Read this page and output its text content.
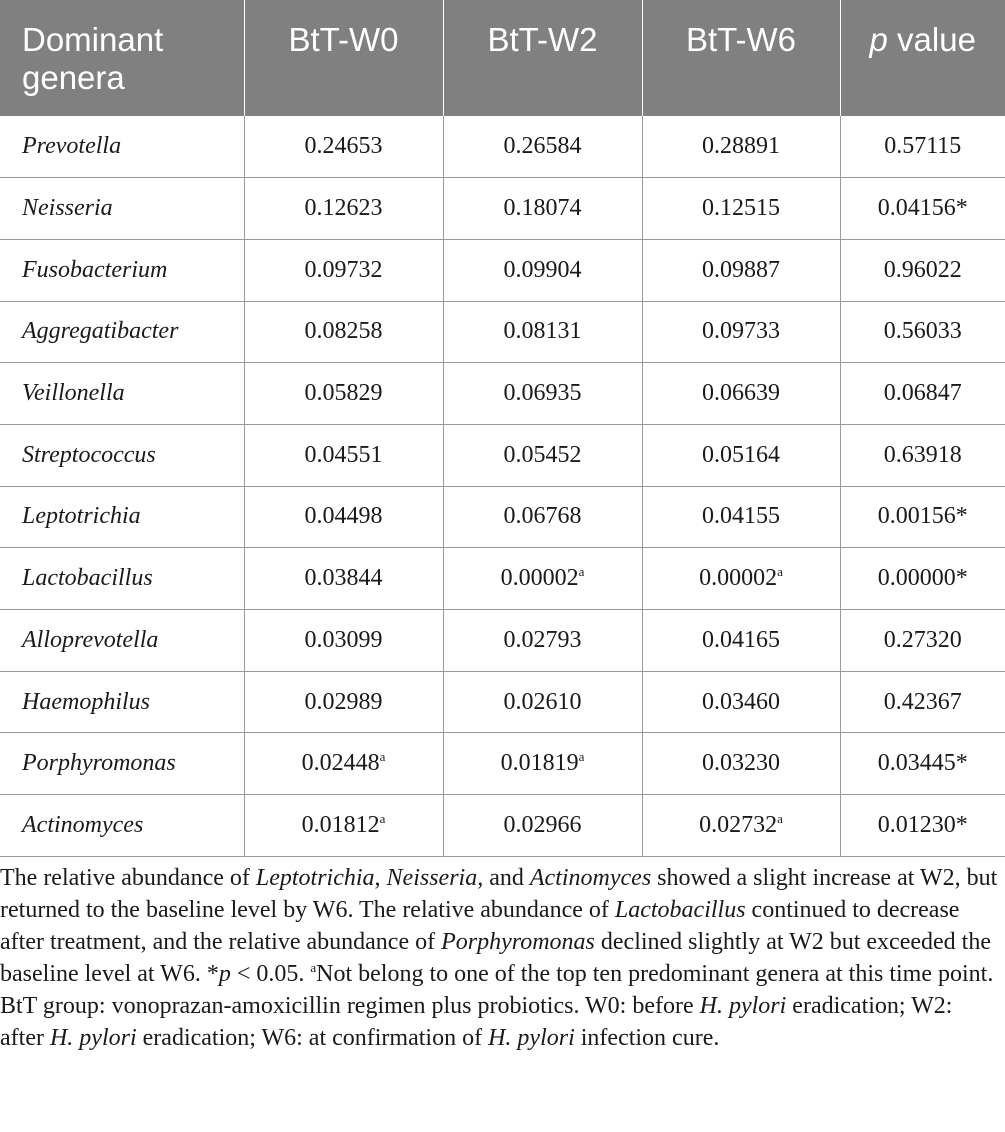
Dominant
genera	BtT-W0	BtT-W2	BtT-W6	p value
Prevotella	0.24653	0.26584	0.28891	0.57115
Neisseria	0.12623	0.18074	0.12515	0.04156*
Fusobacterium	0.09732	0.09904	0.09887	0.96022
Aggregatibacter	0.08258	0.08131	0.09733	0.56033
Veillonella	0.05829	0.06935	0.06639	0.06847
Streptococcus	0.04551	0.05452	0.05164	0.63918
Leptotrichia	0.04498	0.06768	0.04155	0.00156*
Lactobacillus	0.03844	0.00002$^a$	0.00002$^a$	0.00000*
Alloprevotella	0.03099	0.02793	0.04165	0.27320
Haemophilus	0.02989	0.02610	0.03460	0.42367
Porphyromonas	0.02448$^a$	0.01819$^a$	0.03230	0.03445*
Actinomyces	0.01812$^a$	0.02966	0.02732$^a$	0.01230*

The relative abundance of Leptotrichia, Neisseria, and Actinomyces showed a slight increase at W2, but returned to the baseline level by W6. The relative abundance of Lactobacillus continued to decrease after treatment, and the relative abundance of Porphyromonas declined slightly at W2 but exceeded the baseline level at W6. *p < 0.05. $^a$Not belong to one of the top ten predominant genera at this time point. BtT group: vonoprazan-amoxicillin regimen plus probiotics. W0: before H. pylori eradication; W2: after H. pylori eradication; W6: at confirmation of H. pylori infection cure.
